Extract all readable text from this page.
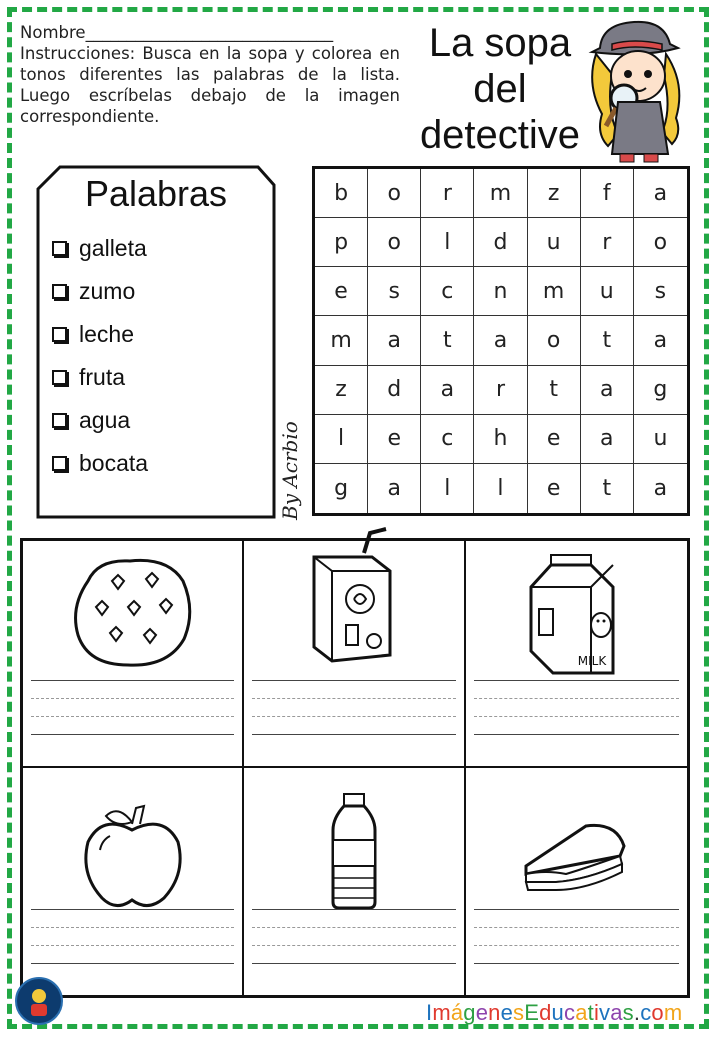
Nombre______________________________
Instrucciones: Busca en la sopa y colorea en tonos diferentes las palabras de la lista. Luego escríbelas debajo de la imagen correspondiente.
La sopa
del
detective
Palabras
galleta
zumo
leche
fruta
agua
bocata	By Acrbio
b	o	r	m	z	f	a
p	o	l	d	u	r	o
e	s	c	n	m	u	s
m	a	t	a	o	t	a
z	d	a	r	t	a	g
l	e	c	h	e	a	u
g	a	l	l	e	t	a
MILK
ImágenesEducativas.com
